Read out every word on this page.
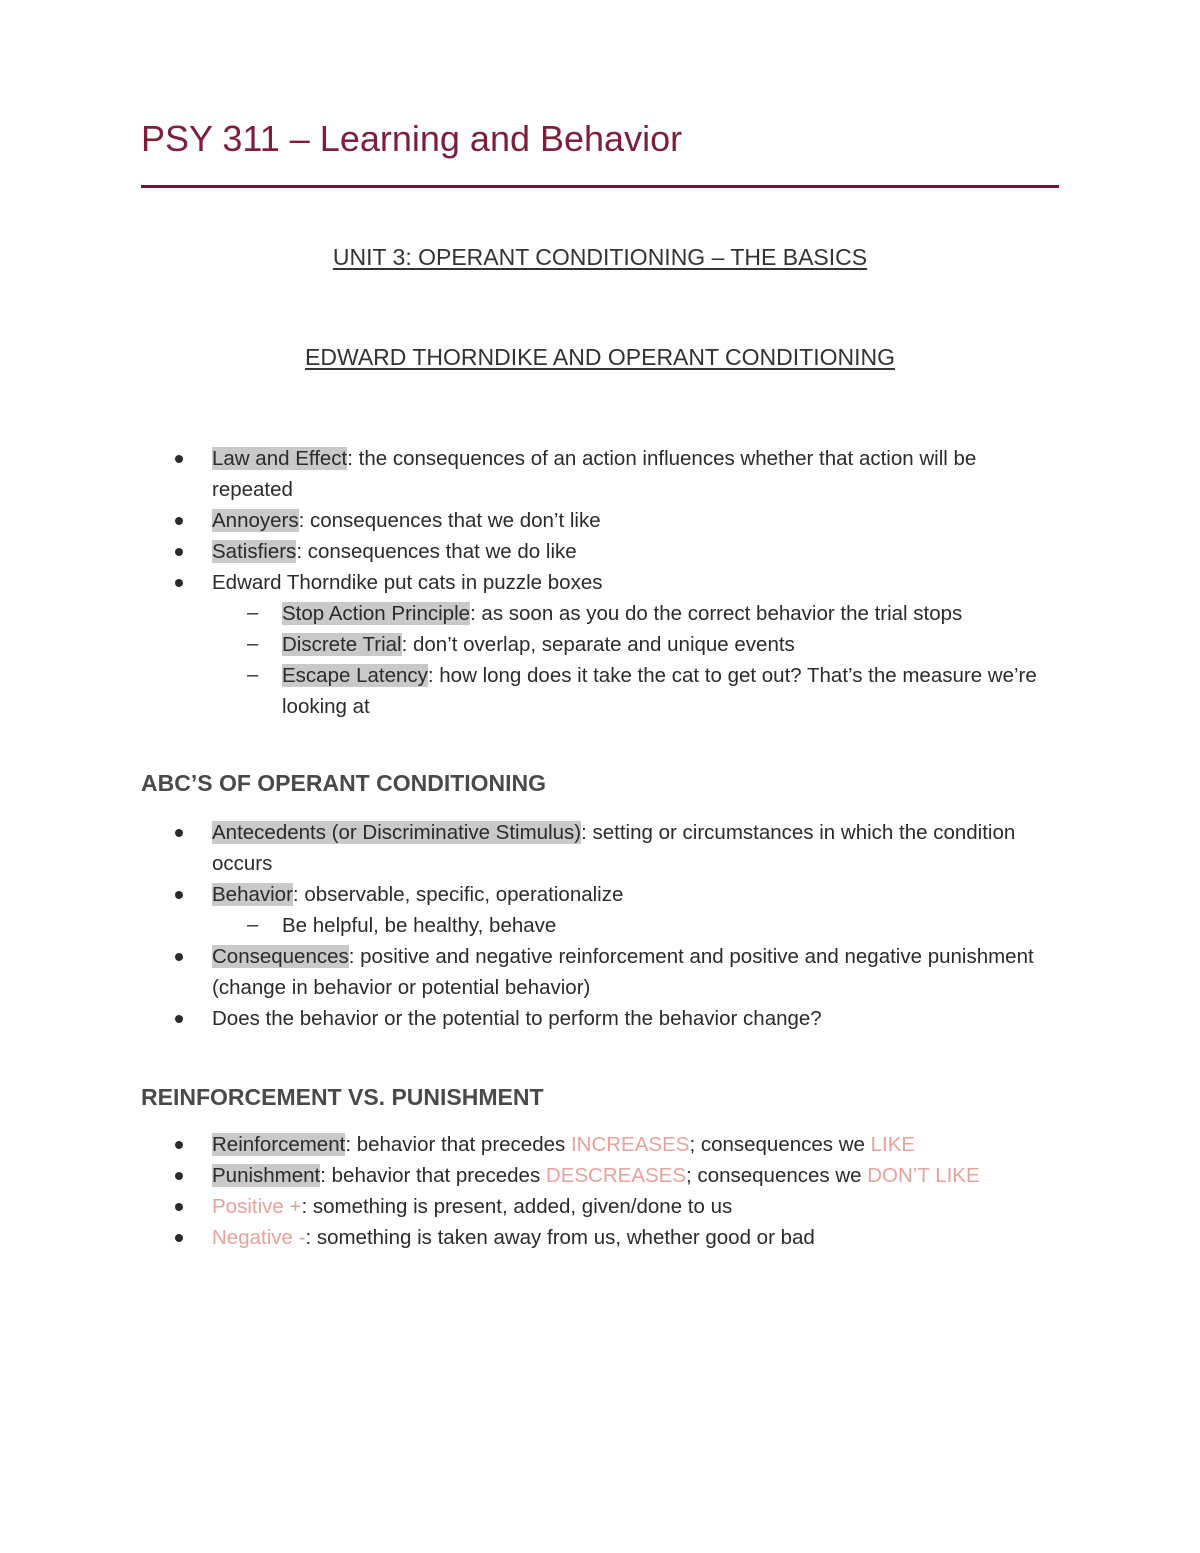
PSY 311 – Learning and Behavior
UNIT 3: OPERANT CONDITIONING – THE BASICS
EDWARD THORNDIKE AND OPERANT CONDITIONING
Law and Effect: the consequences of an action influences whether that action will be repeated
Annoyers: consequences that we don’t like
Satisfiers: consequences that we do like
Edward Thorndike put cats in puzzle boxes
– Stop Action Principle: as soon as you do the correct behavior the trial stops
– Discrete Trial: don’t overlap, separate and unique events
– Escape Latency: how long does it take the cat to get out? That’s the measure we’re looking at
ABC’S OF OPERANT CONDITIONING
Antecedents (or Discriminative Stimulus): setting or circumstances in which the condition occurs
Behavior: observable, specific, operationalize
– Be helpful, be healthy, behave
Consequences: positive and negative reinforcement and positive and negative punishment (change in behavior or potential behavior)
Does the behavior or the potential to perform the behavior change?
REINFORCEMENT VS. PUNISHMENT
Reinforcement: behavior that precedes INCREASES; consequences we LIKE
Punishment: behavior that precedes DESCREASES; consequences we DON’T LIKE
Positive +: something is present, added, given/done to us
Negative -: something is taken away from us, whether good or bad
